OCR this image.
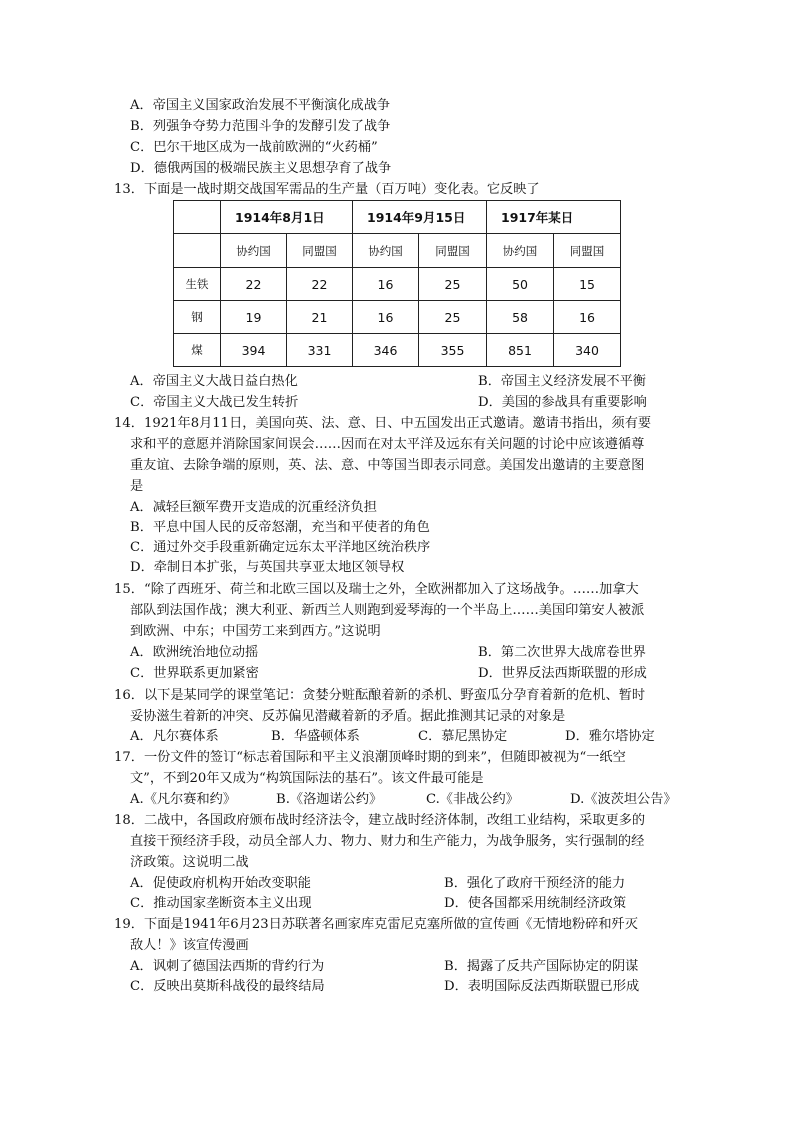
A．帝国主义国家政治发展不平衡演化成战争
B．列强争夺势力范围斗争的发酵引发了战争
C．巴尔干地区成为一战前欧洲的“火药桶”
D．德俄两国的极端民族主义思想孕育了战争
13．下面是一战时期交战国军需品的生产量（百万吨）变化表。它反映了
	1914年8月1日		1914年9月15日		1917年某日	
	协约国	同盟国	协约国	同盟国	协约国	同盟国
生铁	22	22	16	25	50	15
钢	19	21	16	25	58	16
煤	394	331	346	355	851	340
A．帝国主义大战日益白热化	B．帝国主义经济发展不平衡
C．帝国主义大战已发生转折	D．美国的参战具有重要影响
14．1921年8月11日，美国向英、法、意、日、中五国发出正式邀请。邀请书指出，须有要
求和平的意愿并消除国家间误会……因而在对太平洋及远东有关问题的讨论中应该遵循尊
重友谊、去除争端的原则，英、法、意、中等国当即表示同意。美国发出邀请的主要意图
是
A．减轻巨额军费开支造成的沉重经济负担
B．平息中国人民的反帝怒潮，充当和平使者的角色
C．通过外交手段重新确定远东太平洋地区统治秩序
D．牵制日本扩张，与英国共享亚太地区领导权
15．“除了西班牙、荷兰和北欧三国以及瑞士之外，全欧洲都加入了这场战争。……加拿大
部队到法国作战；澳大利亚、新西兰人则跑到爱琴海的一个半岛上……美国印第安人被派
到欧洲、中东；中国劳工来到西方。”这说明
A．欧洲统治地位动摇	B．第二次世界大战席卷世界
C．世界联系更加紧密	D．世界反法西斯联盟的形成
16．以下是某同学的课堂笔记：贪婪分赃酝酿着新的杀机、野蛮瓜分孕育着新的危机、暂时
妥协滋生着新的冲突、反苏偏见潜藏着新的矛盾。据此推测其记录的对象是
A．凡尔赛体系	B．华盛顿体系	C．慕尼黑协定	D．雅尔塔协定
17．一份文件的签订“标志着国际和平主义浪潮顶峰时期的到来”，但随即被视为“一纸空
文”，不到20年又成为“构筑国际法的基石”。该文件最可能是
A.《凡尔赛和约》	B.《洛迦诺公约》	C.《非战公约》	D.《波茨坦公告》
18．二战中，各国政府颁布战时经济法令，建立战时经济体制，改组工业结构，采取更多的
直接干预经济手段，动员全部人力、物力、财力和生产能力，为战争服务，实行强制的经
济政策。这说明二战
A．促使政府机构开始改变职能	B．强化了政府干预经济的能力
C．推动国家垄断资本主义出现	D．使各国都采用统制经济政策
19．下面是1941年6月23日苏联著名画家库克雷尼克塞所做的宣传画《无情地粉碎和歼灭
敌人！》该宣传漫画
A．讽刺了德国法西斯的背约行为	B．揭露了反共产国际协定的阴谋
C．反映出莫斯科战役的最终结局	D．表明国际反法西斯联盟已形成
